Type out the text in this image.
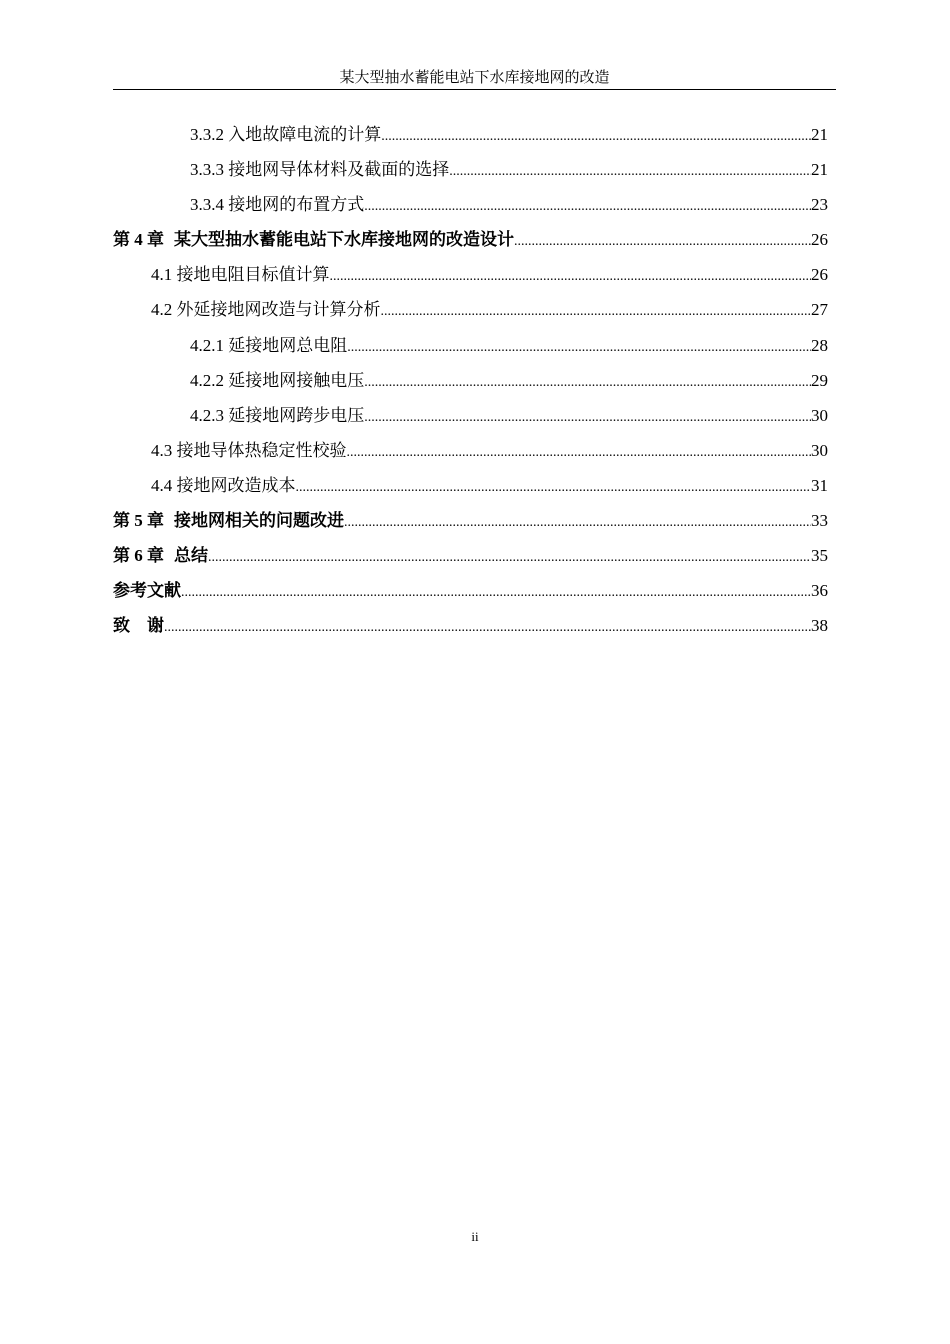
某大型抽水蓄能电站下水库接地网的改造
3.3.2 入地故障电流的计算 .....	21
3.3.3 接地网导体材料及截面的选择 .....	21
3.3.4 接地网的布置方式 .....	23
第 4 章 某大型抽水蓄能电站下水库接地网的改造设计 .....	26
4.1 接地电阻目标值计算 .....	26
4.2 外延接地网改造与计算分析 .....	27
4.2.1 延接地网总电阻 .....	28
4.2.2 延接地网接触电压 .....	29
4.2.3 延接地网跨步电压 .....	30
4.3 接地导体热稳定性校验 .....	30
4.4 接地网改造成本 .....	31
第 5 章 接地网相关的问题改进 .....	33
第 6 章 总结 .....	35
参考文献 .....	36
致　谢 .....	38
ii
